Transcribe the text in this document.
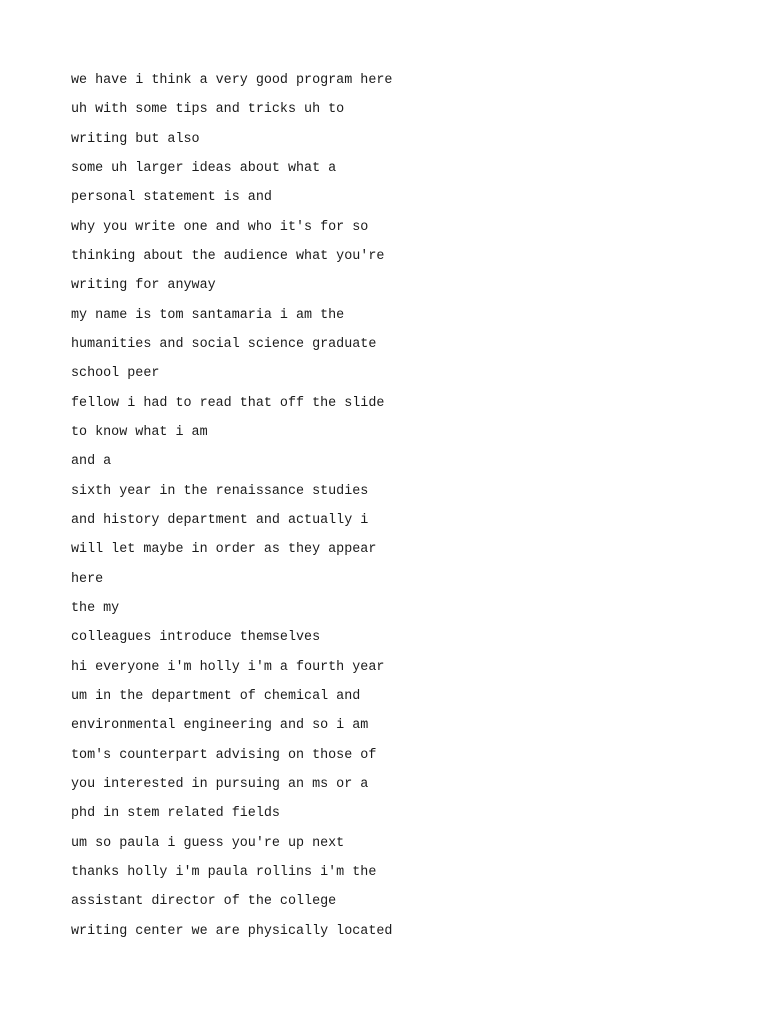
we have i think a very good program here
uh with some tips and tricks uh to
writing but also
some uh larger ideas about what a
personal statement is and
why you write one and who it's for so
thinking about the audience what you're
writing for anyway
my name is tom santamaria i am the
humanities and social science graduate
school peer
fellow i had to read that off the slide
to know what i am
and a
sixth year in the renaissance studies
and history department and actually i
will let maybe in order as they appear
here
the my
colleagues introduce themselves
hi everyone i'm holly i'm a fourth year
um in the department of chemical and
environmental engineering and so i am
tom's counterpart advising on those of
you interested in pursuing an ms or a
phd in stem related fields
um so paula i guess you're up next
thanks holly i'm paula rollins i'm the
assistant director of the college
writing center we are physically located
